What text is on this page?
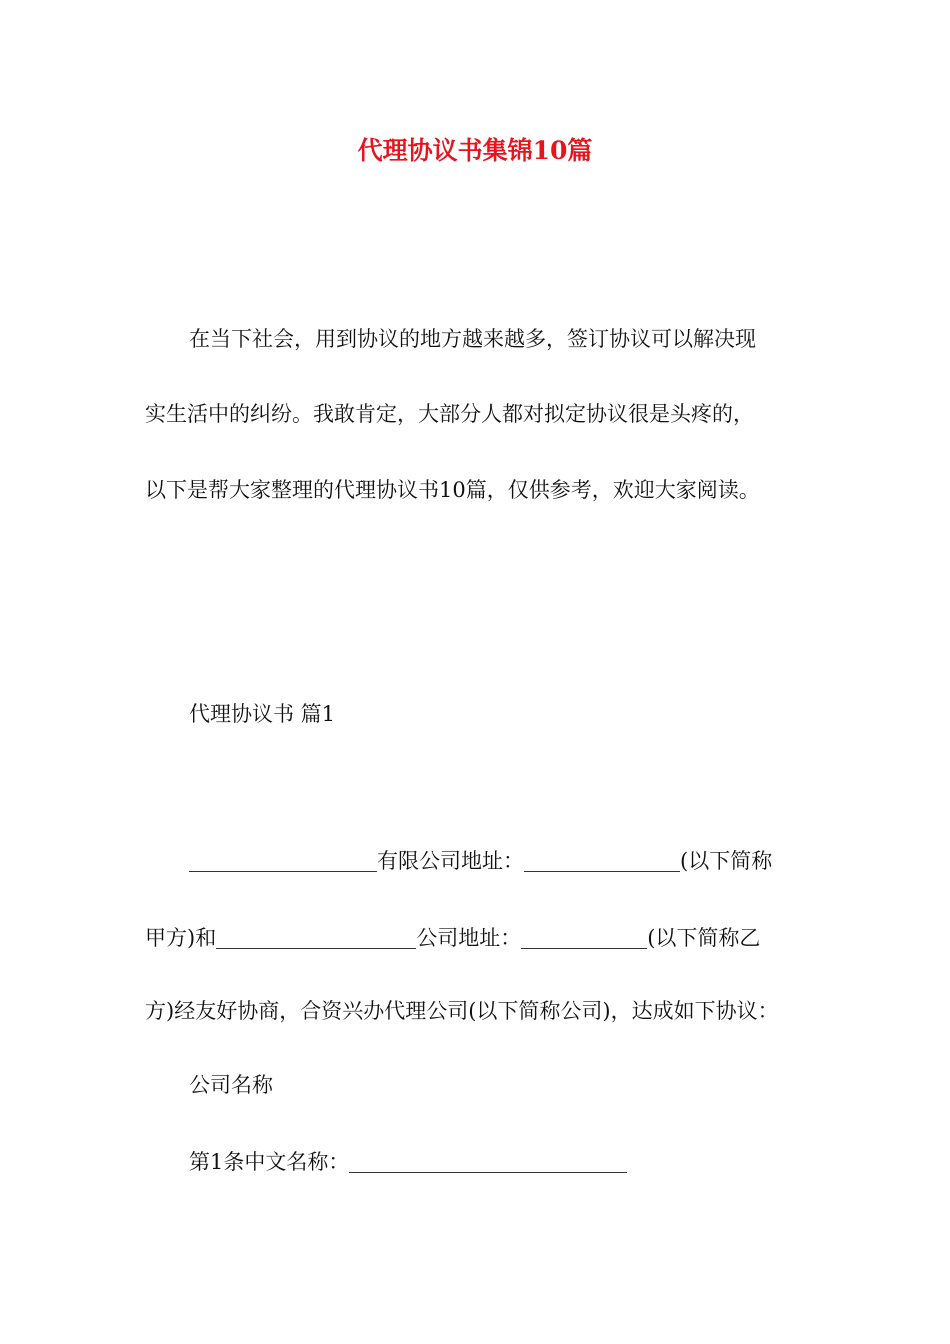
代理协议书集锦10篇
在当下社会，用到协议的地方越来越多，签订协议可以解决现
实生活中的纠纷。我敢肯定，大部分人都对拟定协议很是头疼的，
以下是帮大家整理的代理协议书10篇，仅供参考，欢迎大家阅读。
代理协议书 篇1
有限公司地址：	(以下简称
甲方)和	公司地址：	(以下简称乙
方)经友好协商，合资兴办代理公司(以下简称公司)，达成如下协议：
公司名称
第1条中文名称：
